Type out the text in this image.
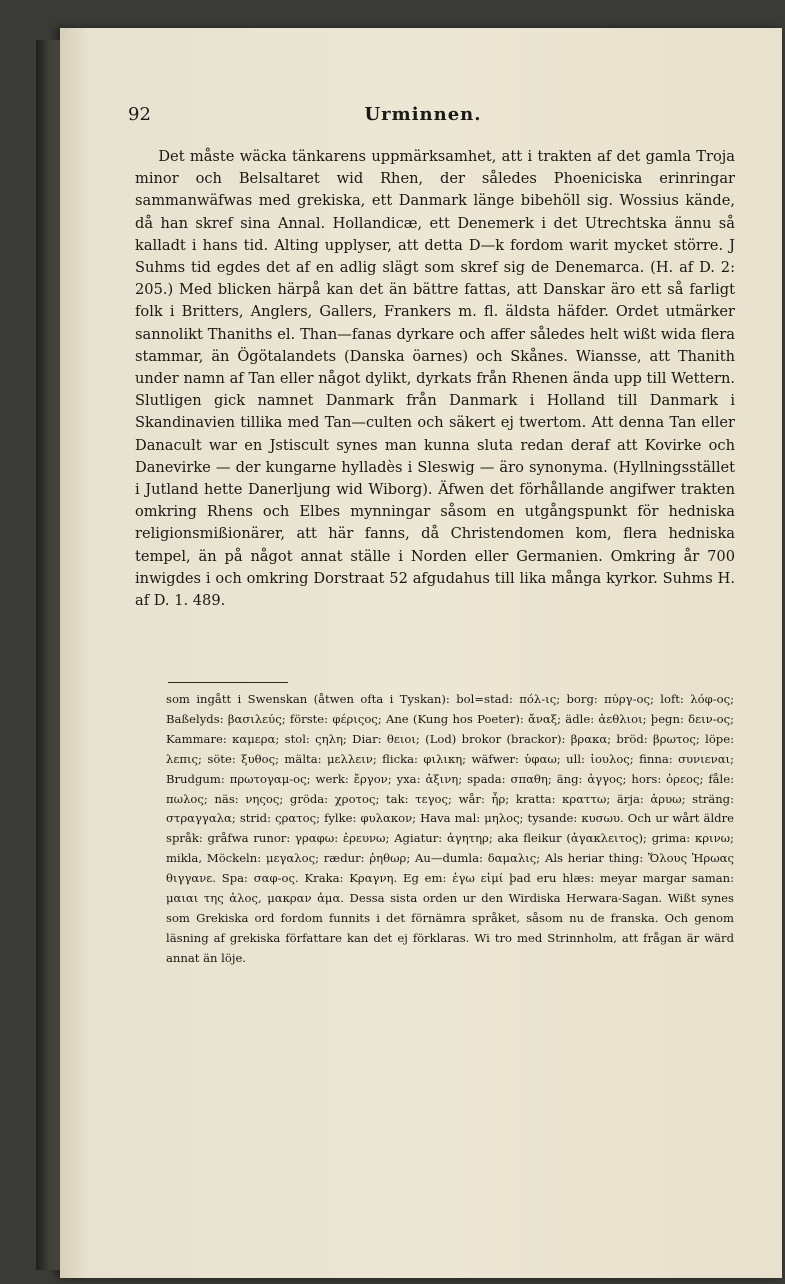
92	Urminnen.

Det måste wäcka tänkarens uppmärksamhet, att i trakten af det gamla Troja minor och Belsaltaret wid Rhen, der således Phoeniciska erinringar sammanwäfwas med grekiska, ett Danmark länge bibehöll sig. Wossius kände, då han skref sina Annal. Hollandicæ, ett Denemerk i det Utrechtska ännu så kalladt i hans tid. Alting upplyser, att detta D—k fordom warit mycket större. J Suhms tid egdes det af en adlig slägt som skref sig de Denemarca. (H. af D. 2: 205.) Med blicken härpå kan det än bättre fattas, att Danskar äro ett så farligt folk i Britters, Anglers, Gallers, Frankers m. fl. äldsta häfder. Ordet utmärker sannolikt Thaniths el. Than—fanas dyrkare och affer således helt wißt wida flera stammar, än Ögötalandets (Danska öarnes) och Skånes. Wiansse, att Thanith under namn af Tan eller något dylikt, dyrkats från Rhenen ända upp till Wettern. Slutligen gick namnet Danmark från Danmark i Holland till Danmark i Skandinavien tillika med Tan—culten och säkert ej twertom. Att denna Tan eller Danacult war en Jstiscult synes man kunna sluta redan deraf att Kovirke och Danevirke — der kungarne hylladès i Sleswig — äro synonyma. (Hyllningsstället i Jutland hette Danerljung wid Wiborg). Äfwen det förhållande angifwer trakten omkring Rhens och Elbes mynningar såsom en utgångspunkt för hedniska religionsmißionärer, att här fanns, då Christendomen kom, flera hedniska tempel, än på något annat ställe i Norden eller Germanien. Omkring år 700 inwigdes i och omkring Dorstraat 52 afgudahus till lika många kyrkor. Suhms H. af D. 1. 489.

som ingått i Swenskan (åtwen ofta i Tyskan): bol=stad: πόλ-ις; borg: πύργ-ος; loft: λόφ-ος; Baßelyds: βασιλεύς; förste: φέριςος; Ane (Kung hos Poeter): ἄναξ; ädle: ἀεθλιοι; þegn: δειν-ος; Kammare: καμερα; stol: ςηλη; Diar: θειοι; (Lod) brokor (brackor): βρακα; bröd: βρωτος; löpe: λεπις; söte: ξυθος; mälta: μελλειν; flicka: φιλικη; wäfwer: ὑφαω; ull: ἰουλος; finna: συνιεναι; Brudgum: πρωτογαμ-ος; werk: ἔργον; yxa: ἀξινη; spada: σπαθη; äng: ἀγγος; hors: ὀρεος; fåle: πωλος; näs: νηςος; gröda: χροτος; tak: τεγος; wår: ἦρ; kratta: κραττω; ärja: ἀρυω; sträng: στραγγαλα; strid: ςρατος; fylke: φυλακον; Hava mal: μηλος; tysande: κυσωυ. Och ur wårt äldre språk: gråfwa runor: γραφω: ἐρευνω; Agiatur: ἀγητηρ; aka fleikur (ἀγακλειτος); grima: κρινω; mikla, Möckeln: μεγαλος; rædur: ῥηθωρ; Au—dumla: δαμαλις; Als heriar thing: Ὅλους Ἡρωας θιγγανε. Spa: σαφ-ος. Kraka: Κραγνη. Eg em: ἐγω εἰμί þad eru hlæs: meyar margar saman: μαιαι της ἁλος, μακραν ἁμα. Dessa sista orden ur den Wirdiska Herwara-Sagan. Wißt synes som Grekiska ord fordom funnits i det förnämra språket, såsom nu de franska. Och genom läsning af grekiska författare kan det ej förklaras. Wi tro med Strinnholm, att frågan är wärd annat än löje.
